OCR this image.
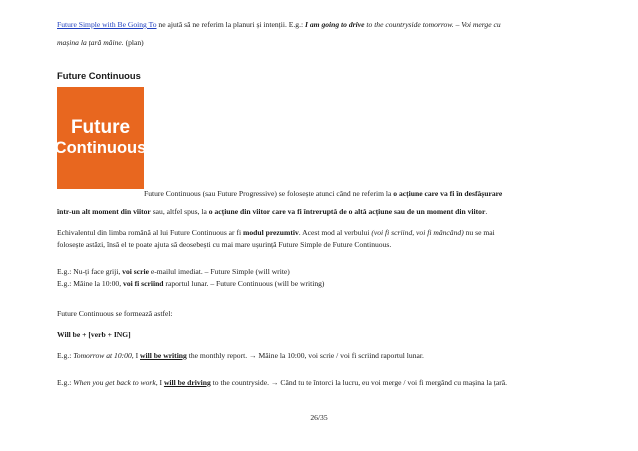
Future Simple with Be Going To ne ajută să ne referim la planuri și intenții. E.g.: I am going to drive to the countryside tomorrow. – Voi merge cu
mașina la țară mâine. (plan)
Future Continuous
Future
Continuous
Future Continuous (sau Future Progressive) se folosește atunci când ne referim la o acțiune care va fi în desfășurare
într-un alt moment din viitor sau, altfel spus, la o acțiune din viitor care va fi întreruptă de o altă acțiune sau de un moment din viitor.
Echivalentul din limba română al lui Future Continuous ar fi modul prezumtiv. Acest mod al verbului (voi fi scriind, voi fi mâncând) nu se mai
folosește astăzi, însă el te poate ajuta să deosebești cu mai mare ușurință Future Simple de Future Continuous.
E.g.: Nu-ți face griji, voi scrie e-mailul imediat. – Future Simple (will write)
E.g.: Mâine la 10:00, voi fi scriind raportul lunar. – Future Continuous (will be writing)
Future Continuous se formează astfel:
Will be + [verb + ING]
E.g.: Tomorrow at 10:00, I will be writing the monthly report. → Mâine la 10:00, voi scrie / voi fi scriind raportul lunar.
E.g.: When you get back to work, I will be driving to the countryside. → Când tu te întorci la lucru, eu voi merge / voi fi mergând cu mașina la țară.
26/35
